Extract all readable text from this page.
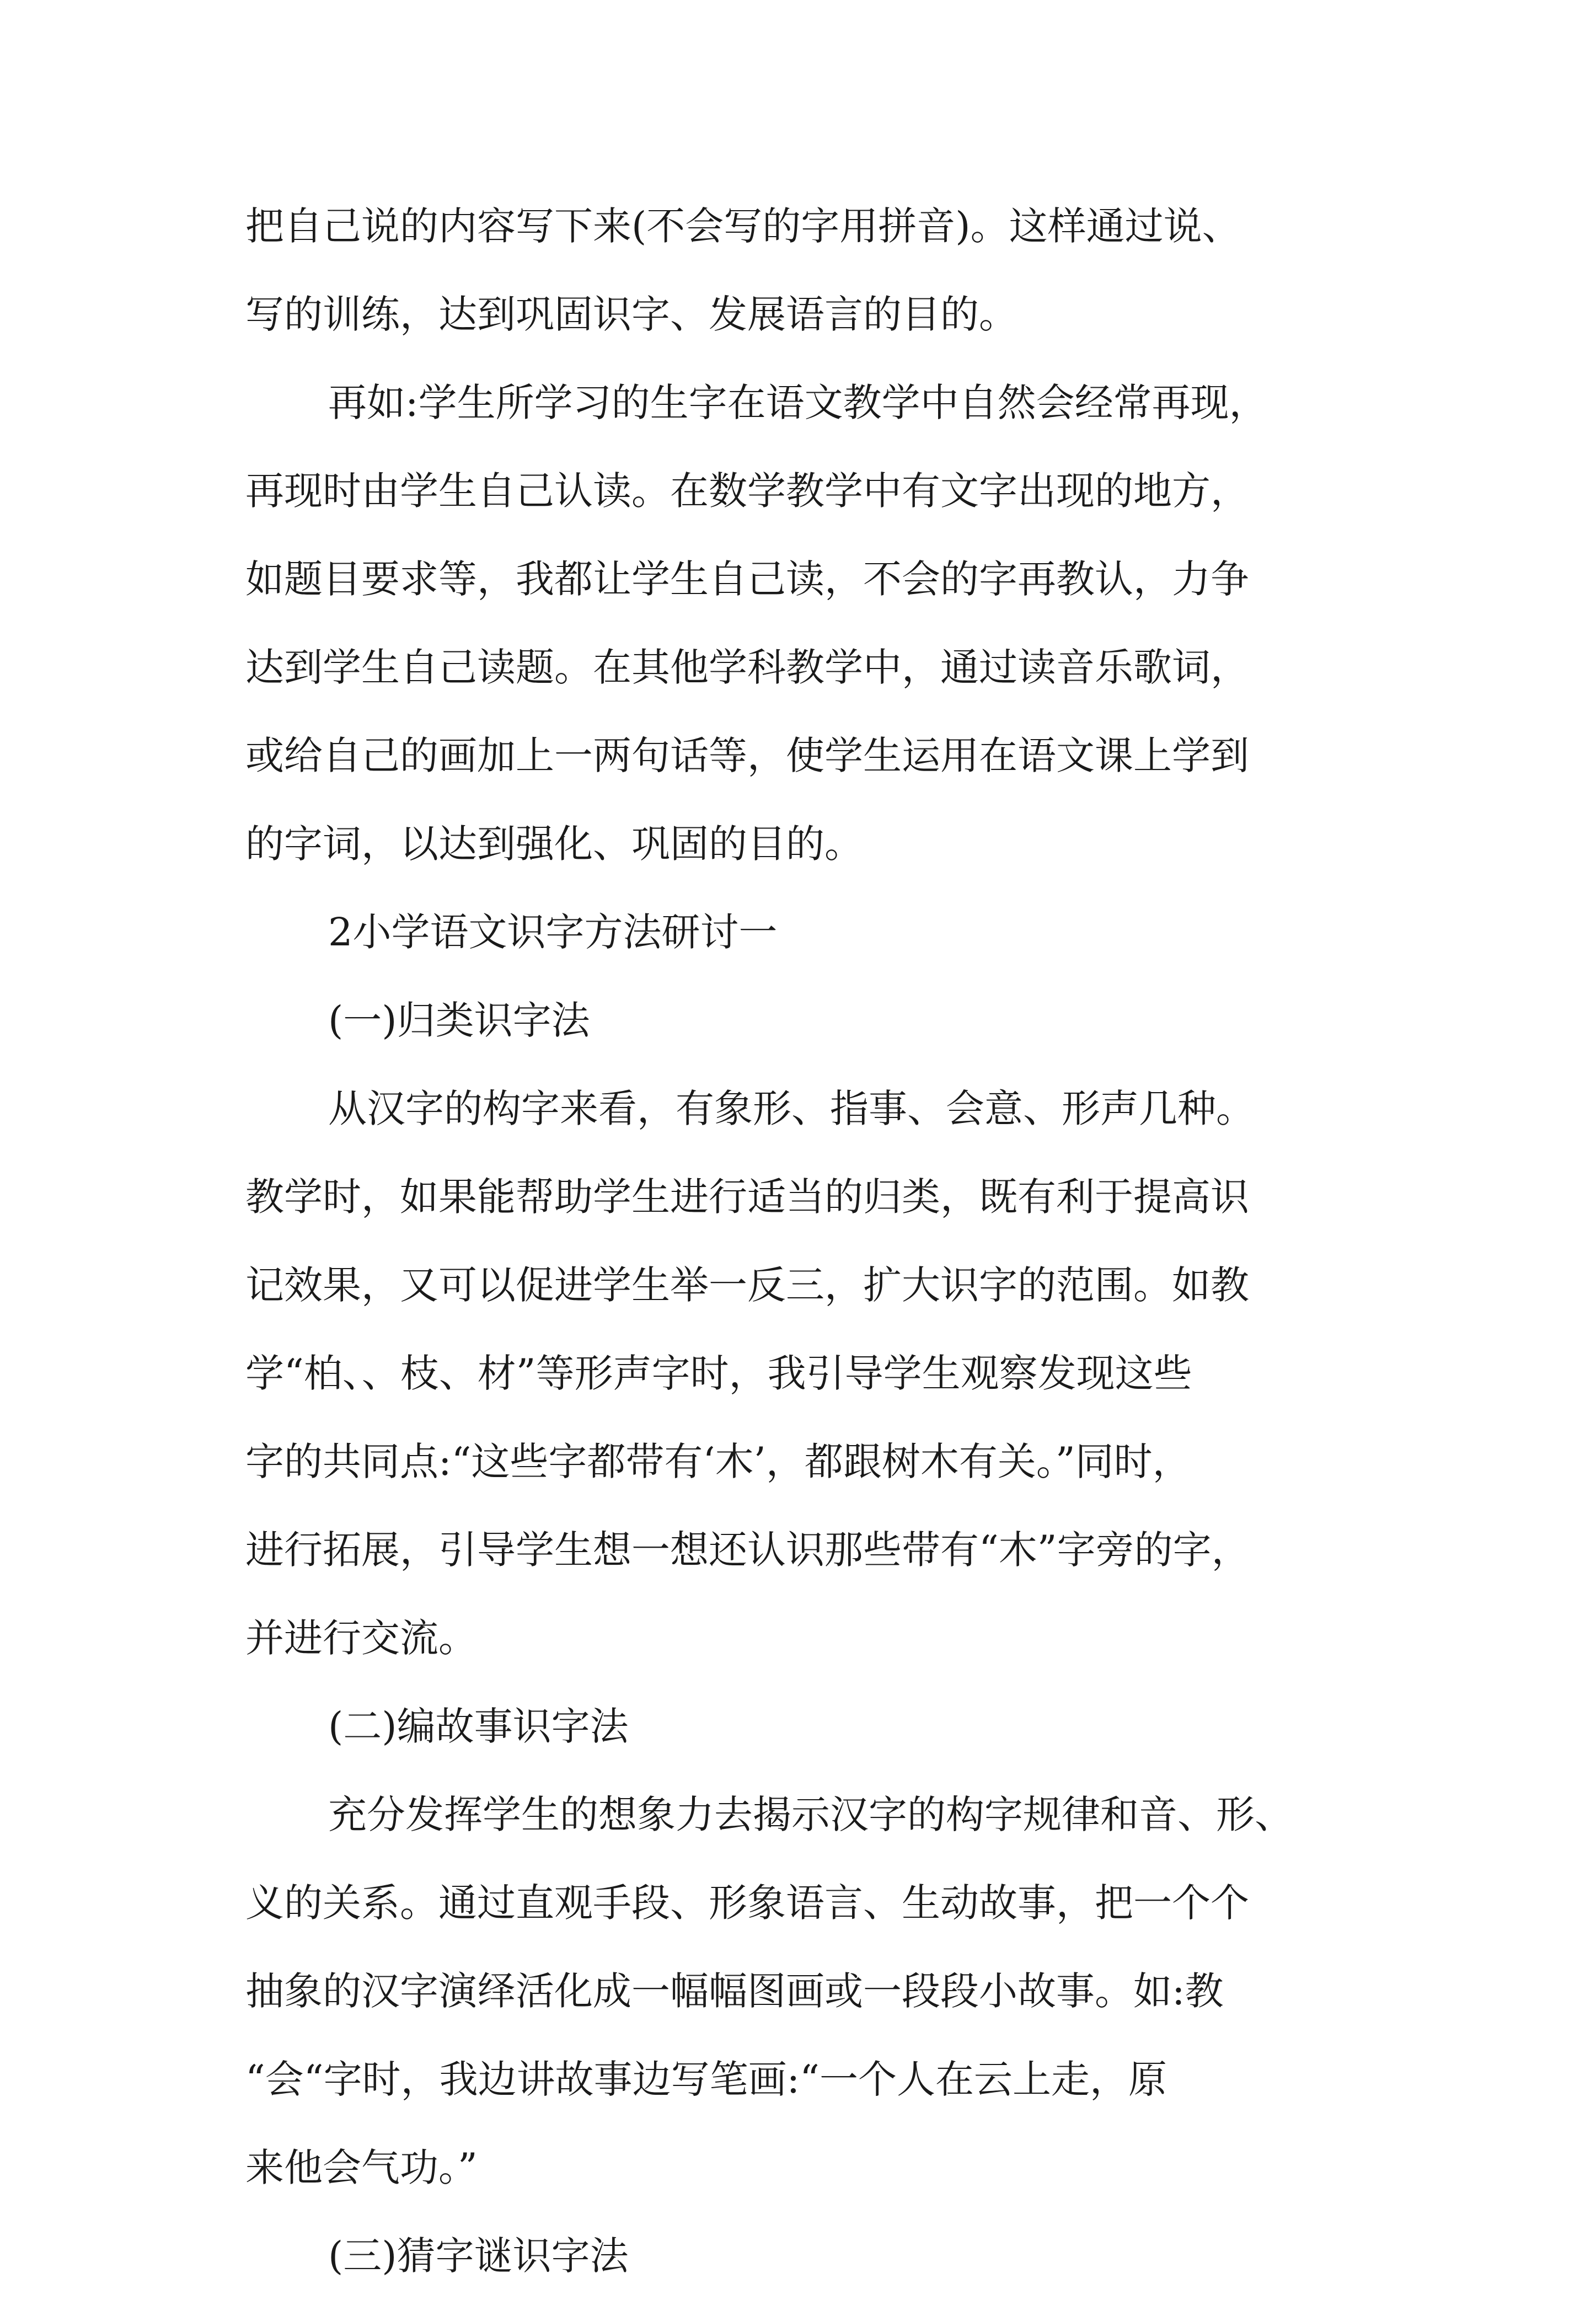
把自己说的内容写下来(不会写的字用拼音)。这样通过说、
写的训练，达到巩固识字、发展语言的目的。
再如:学生所学习的生字在语文教学中自然会经常再现，
再现时由学生自己认读。在数学教学中有文字出现的地方，
如题目要求等，我都让学生自己读，不会的字再教认，力争
达到学生自己读题。在其他学科教学中，通过读音乐歌词，
或给自己的画加上一两句话等，使学生运用在语文课上学到
的字词，以达到强化、巩固的目的。
2小学语文识字方法研讨一
(一)归类识字法
从汉字的构字来看，有象形、指事、会意、形声几种。
教学时，如果能帮助学生进行适当的归类，既有利于提高识
记效果，又可以促进学生举一反三，扩大识字的范围。如教
学“柏、、枝、材”等形声字时，我引导学生观察发现这些
字的共同点:“这些字都带有‘木’，都跟树木有关。”同时，
进行拓展，引导学生想一想还认识那些带有“木”字旁的字，
并进行交流。
(二)编故事识字法
充分发挥学生的想象力去揭示汉字的构字规律和音、形、
义的关系。通过直观手段、形象语言、生动故事，把一个个
抽象的汉字演绎活化成一幅幅图画或一段段小故事。如:教
“会“字时，我边讲故事边写笔画:“一个人在云上走，原
来他会气功。”
(三)猜字谜识字法
